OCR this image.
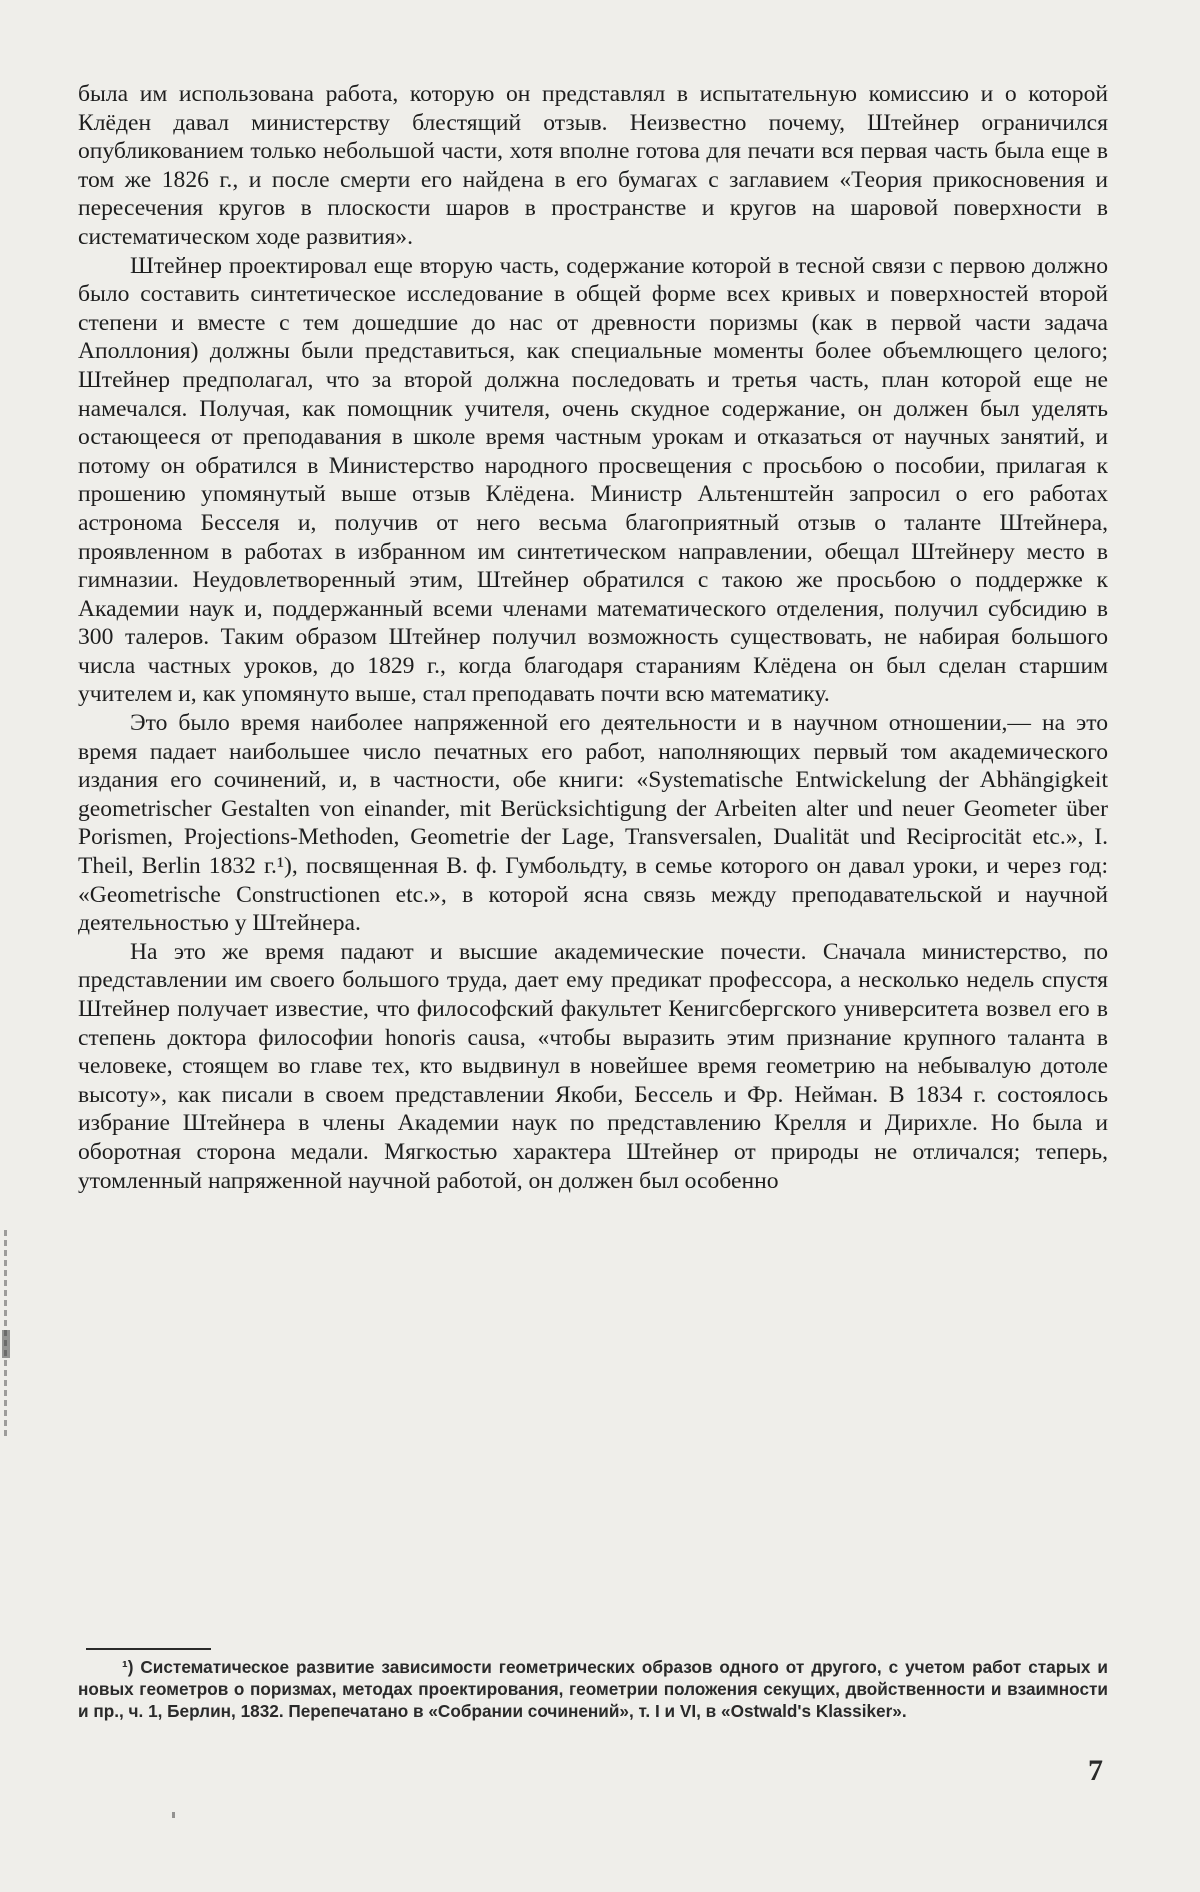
была им использована работа, которую он представлял в испытательную комиссию и о которой Клёден давал министерству блестящий отзыв. Неизвестно почему, Штейнер ограничился опубликованием только небольшой части, хотя вполне готова для печати вся первая часть была еще в том же 1826 г., и после смерти его найдена в его бумагах с заглавием «Теория прикосновения и пересечения кругов в плоскости шаров в пространстве и кругов на шаровой поверхности в систематическом ходе развития».

Штейнер проектировал еще вторую часть, содержание которой в тесной связи с первою должно было составить синтетическое исследование в общей форме всех кривых и поверхностей второй степени и вместе с тем дошедшие до нас от древности поризмы (как в первой части задача Аполлония) должны были представиться, как специальные моменты более объемлющего целого; Штейнер предполагал, что за второй должна последовать и третья часть, план которой еще не намечался. Получая, как помощник учителя, очень скудное содержание, он должен был уделять остающееся от преподавания в школе время частным урокам и отказаться от научных занятий, и потому он обратился в Министерство народного просвещения с просьбою о пособии, прилагая к прошению упомянутый выше отзыв Клёдена. Министр Альтенштейн запросил о его работах астронома Бесселя и, получив от него весьма благоприятный отзыв о таланте Штейнера, проявленном в работах в избранном им синтетическом направлении, обещал Штейнеру место в гимназии. Неудовлетворенный этим, Штейнер обратился с такою же просьбою о поддержке к Академии наук и, поддержанный всеми членами математического отделения, получил субсидию в 300 талеров. Таким образом Штейнер получил возможность существовать, не набирая большого числа частных уроков, до 1829 г., когда благодаря стараниям Клёдена он был сделан старшим учителем и, как упомянуто выше, стал преподавать почти всю математику.

Это было время наиболее напряженной его деятельности и в научном отношении,— на это время падает наибольшее число печатных его работ, наполняющих первый том академического издания его сочинений, и, в частности, обе книги: «Systematische Entwickelung der Abhängigkeit geometrischer Gestalten von einander, mit Berücksichtigung der Arbeiten alter und neuer Geometer über Porismen, Projections-Methoden, Geometrie der Lage, Transversalen, Dualität und Reciprocität etc.», I. Theil, Berlin 1832 г.¹), посвященная В. ф. Гумбольдту, в семье которого он давал уроки, и через год: «Geometrische Constructionen etc.», в которой ясна связь между преподавательской и научной деятельностью у Штейнера.

На это же время падают и высшие академические почести. Сначала министерство, по представлении им своего большого труда, дает ему предикат профессора, а несколько недель спустя Штейнер получает известие, что философский факультет Кенигсбергского университета возвел его в степень доктора философии honoris causa, «чтобы выразить этим признание крупного таланта в человеке, стоящем во главе тех, кто выдвинул в новейшее время геометрию на небывалую дотоле высоту», как писали в своем представлении Якоби, Бессель и Фр. Нейман. В 1834 г. состоялось избрание Штейнера в члены Академии наук по представлению Крелля и Дирихле. Но была и оборотная сторона медали. Мягкостью характера Штейнер от природы не отличался; теперь, утомленный напряженной научной работой, он должен был особенно

¹) Систематическое развитие зависимости геометрических образов одного от другого, с учетом работ старых и новых геометров о поризмах, методах проектирования, геометрии положения секущих, двойственности и взаимности и пр., ч. 1, Берлин, 1832. Перепечатано в «Собрании сочинений», т. I и VI, в «Ostwald's Klassiker».

7
